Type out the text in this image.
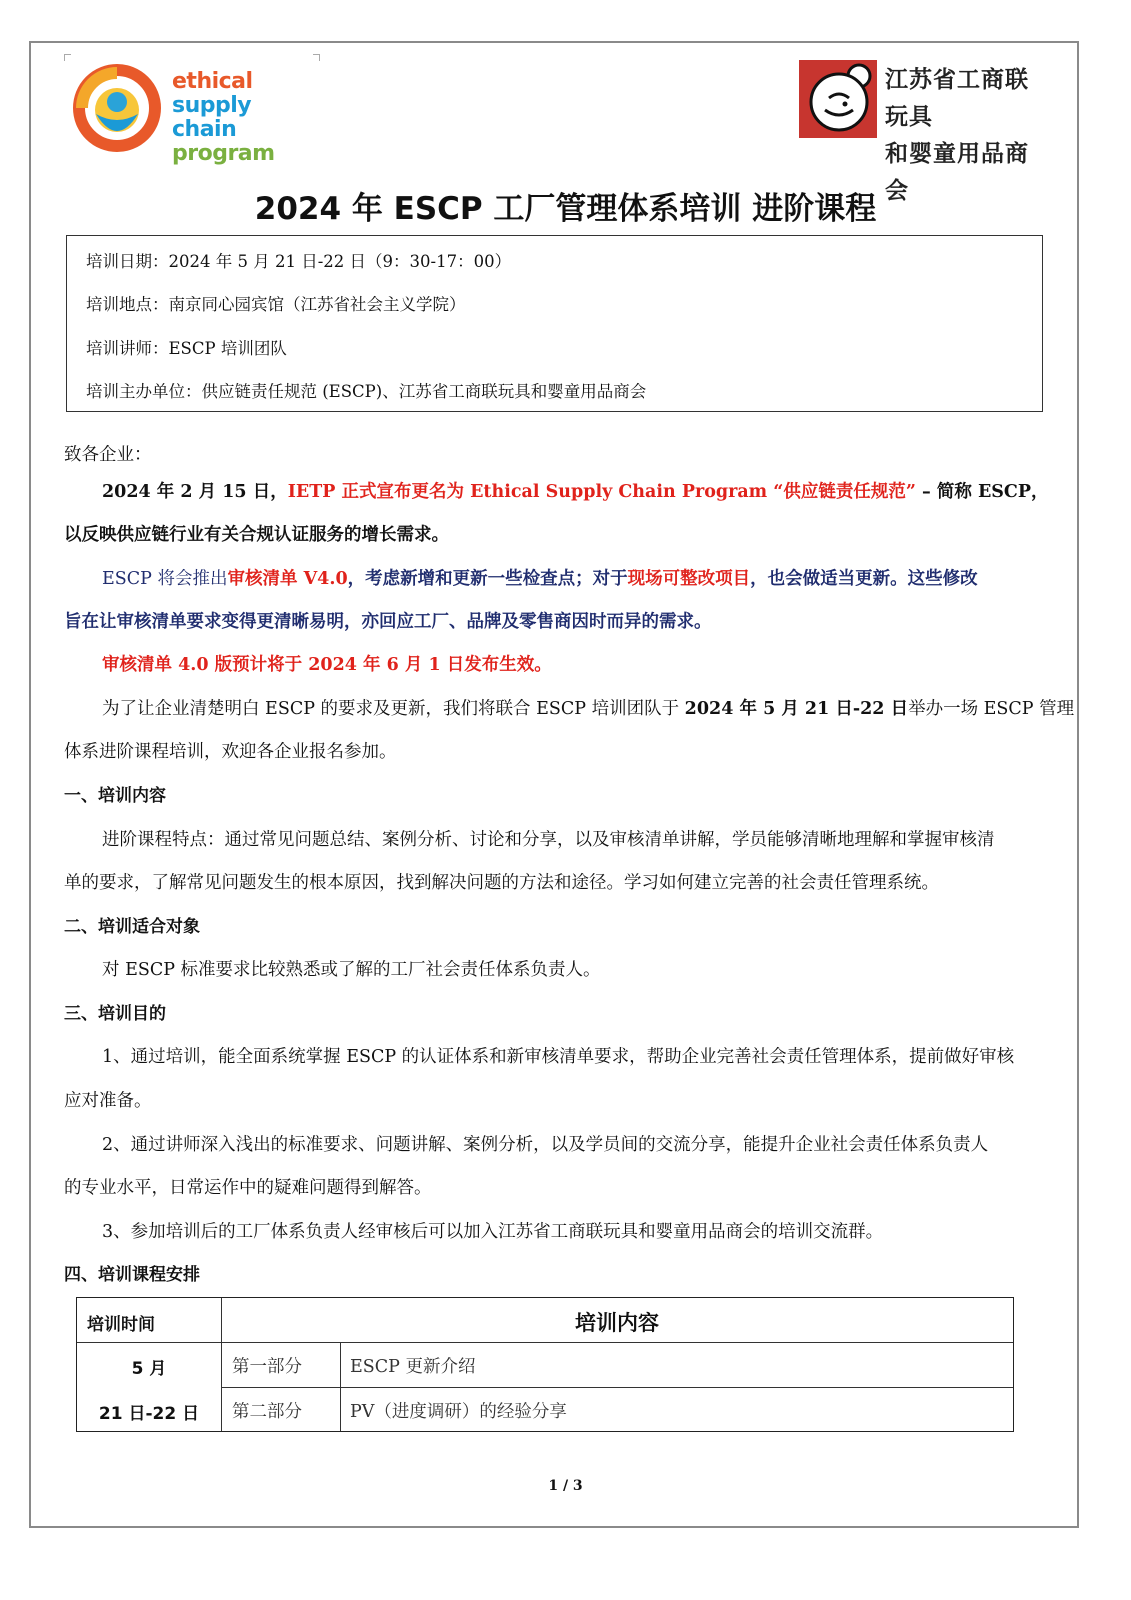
ethical
supply chain
program
江苏省工商联玩具
和婴童用品商会
2024 年 ESCP 工厂管理体系培训 进阶课程
培训日期：2024 年 5 月 21 日-22 日（9：30-17：00）
培训地点：南京同心园宾馆（江苏省社会主义学院）
培训讲师：ESCP 培训团队
培训主办单位：供应链责任规范 (ESCP)、江苏省工商联玩具和婴童用品商会
致各企业：
2024 年 2 月 15 日，IETP 正式宣布更名为 Ethical Supply Chain Program “供应链责任规范” – 简称 ESCP，
以反映供应链行业有关合规认证服务的增长需求。
ESCP 将会推出审核清单 V4.0，考虑新增和更新一些检查点；对于现场可整改项目，也会做适当更新。这些修改
旨在让审核清单要求变得更清晰易明，亦回应工厂、品牌及零售商因时而异的需求。
审核清单 4.0 版预计将于 2024 年 6 月 1 日发布生效。
为了让企业清楚明白 ESCP 的要求及更新，我们将联合 ESCP 培训团队于 2024 年 5 月 21 日-22 日举办一场 ESCP 管理
体系进阶课程培训，欢迎各企业报名参加。
一、培训内容
进阶课程特点：通过常见问题总结、案例分析、讨论和分享，以及审核清单讲解，学员能够清晰地理解和掌握审核清
单的要求，了解常见问题发生的根本原因，找到解决问题的方法和途径。学习如何建立完善的社会责任管理系统。
二、培训适合对象
对 ESCP 标准要求比较熟悉或了解的工厂社会责任体系负责人。
三、培训目的
1、通过培训，能全面系统掌握 ESCP 的认证体系和新审核清单要求，帮助企业完善社会责任管理体系，提前做好审核
应对准备。
2、通过讲师深入浅出的标准要求、问题讲解、案例分析，以及学员间的交流分享，能提升企业社会责任体系负责人
的专业水平，日常运作中的疑难问题得到解答。
3、参加培训后的工厂体系负责人经审核后可以加入江苏省工商联玩具和婴童用品商会的培训交流群。
四、培训课程安排
培训时间	培训内容
5 月
21 日-22 日
第一部分	ESCP 更新介绍
第二部分	PV（进度调研）的经验分享
1 / 3
